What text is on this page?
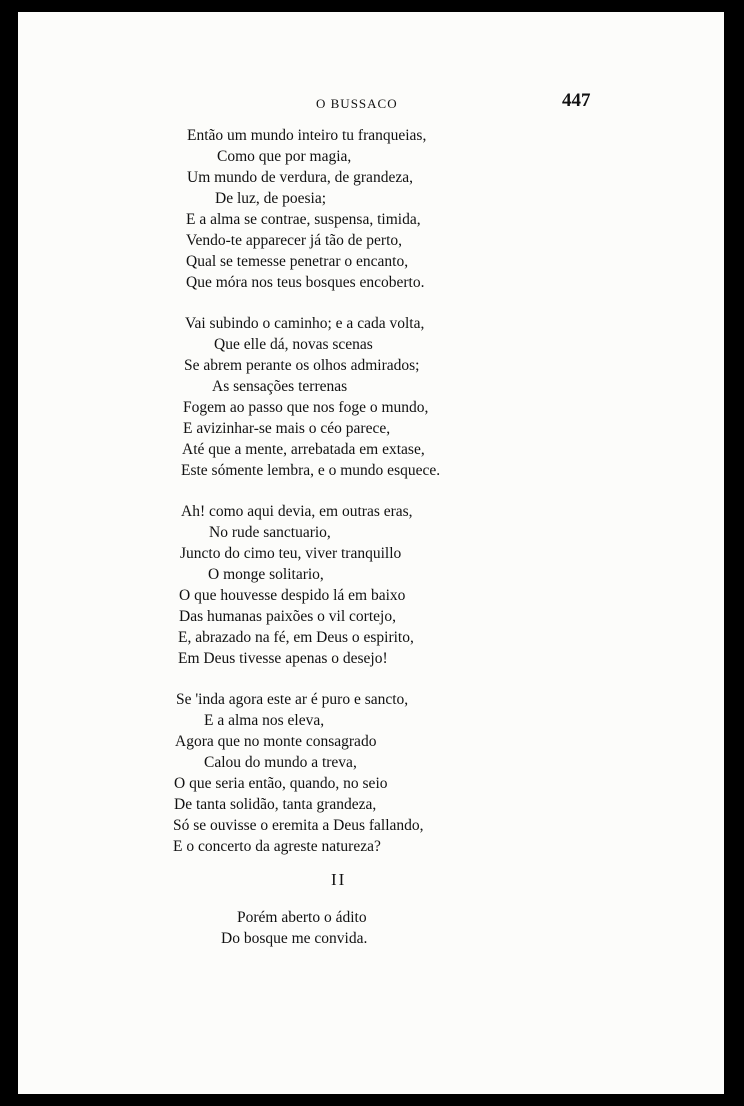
O BUSSACO	447
Então um mundo inteiro tu franqueias,
Como que por magia,
Um mundo de verdura, de grandeza,
De luz, de poesia;
E a alma se contrae, suspensa, timida,
Vendo-te apparecer já tão de perto,
Qual se temesse penetrar o encanto,
Que móra nos teus bosques encoberto.
Vai subindo o caminho; e a cada volta,
Que elle dá, novas scenas
Se abrem perante os olhos admirados;
As sensações terrenas
Fogem ao passo que nos foge o mundo,
E avizinhar-se mais o céo parece,
Até que a mente, arrebatada em extase,
Este sómente lembra, e o mundo esquece.
Ah! como aqui devia, em outras eras,
No rude sanctuario,
Juncto do cimo teu, viver tranquillo
O monge solitario,
O que houvesse despido lá em baixo
Das humanas paixões o vil cortejo,
E, abrazado na fé, em Deus o espirito,
Em Deus tivesse apenas o desejo!
Se 'inda agora este ar é puro e sancto,
E a alma nos eleva,
Agora que no monte consagrado
Calou do mundo a treva,
O que seria então, quando, no seio
De tanta solidão, tanta grandeza,
Só se ouvisse o eremita a Deus fallando,
E o concerto da agreste natureza?
II
Porém aberto o ádito
Do bosque me convida.
